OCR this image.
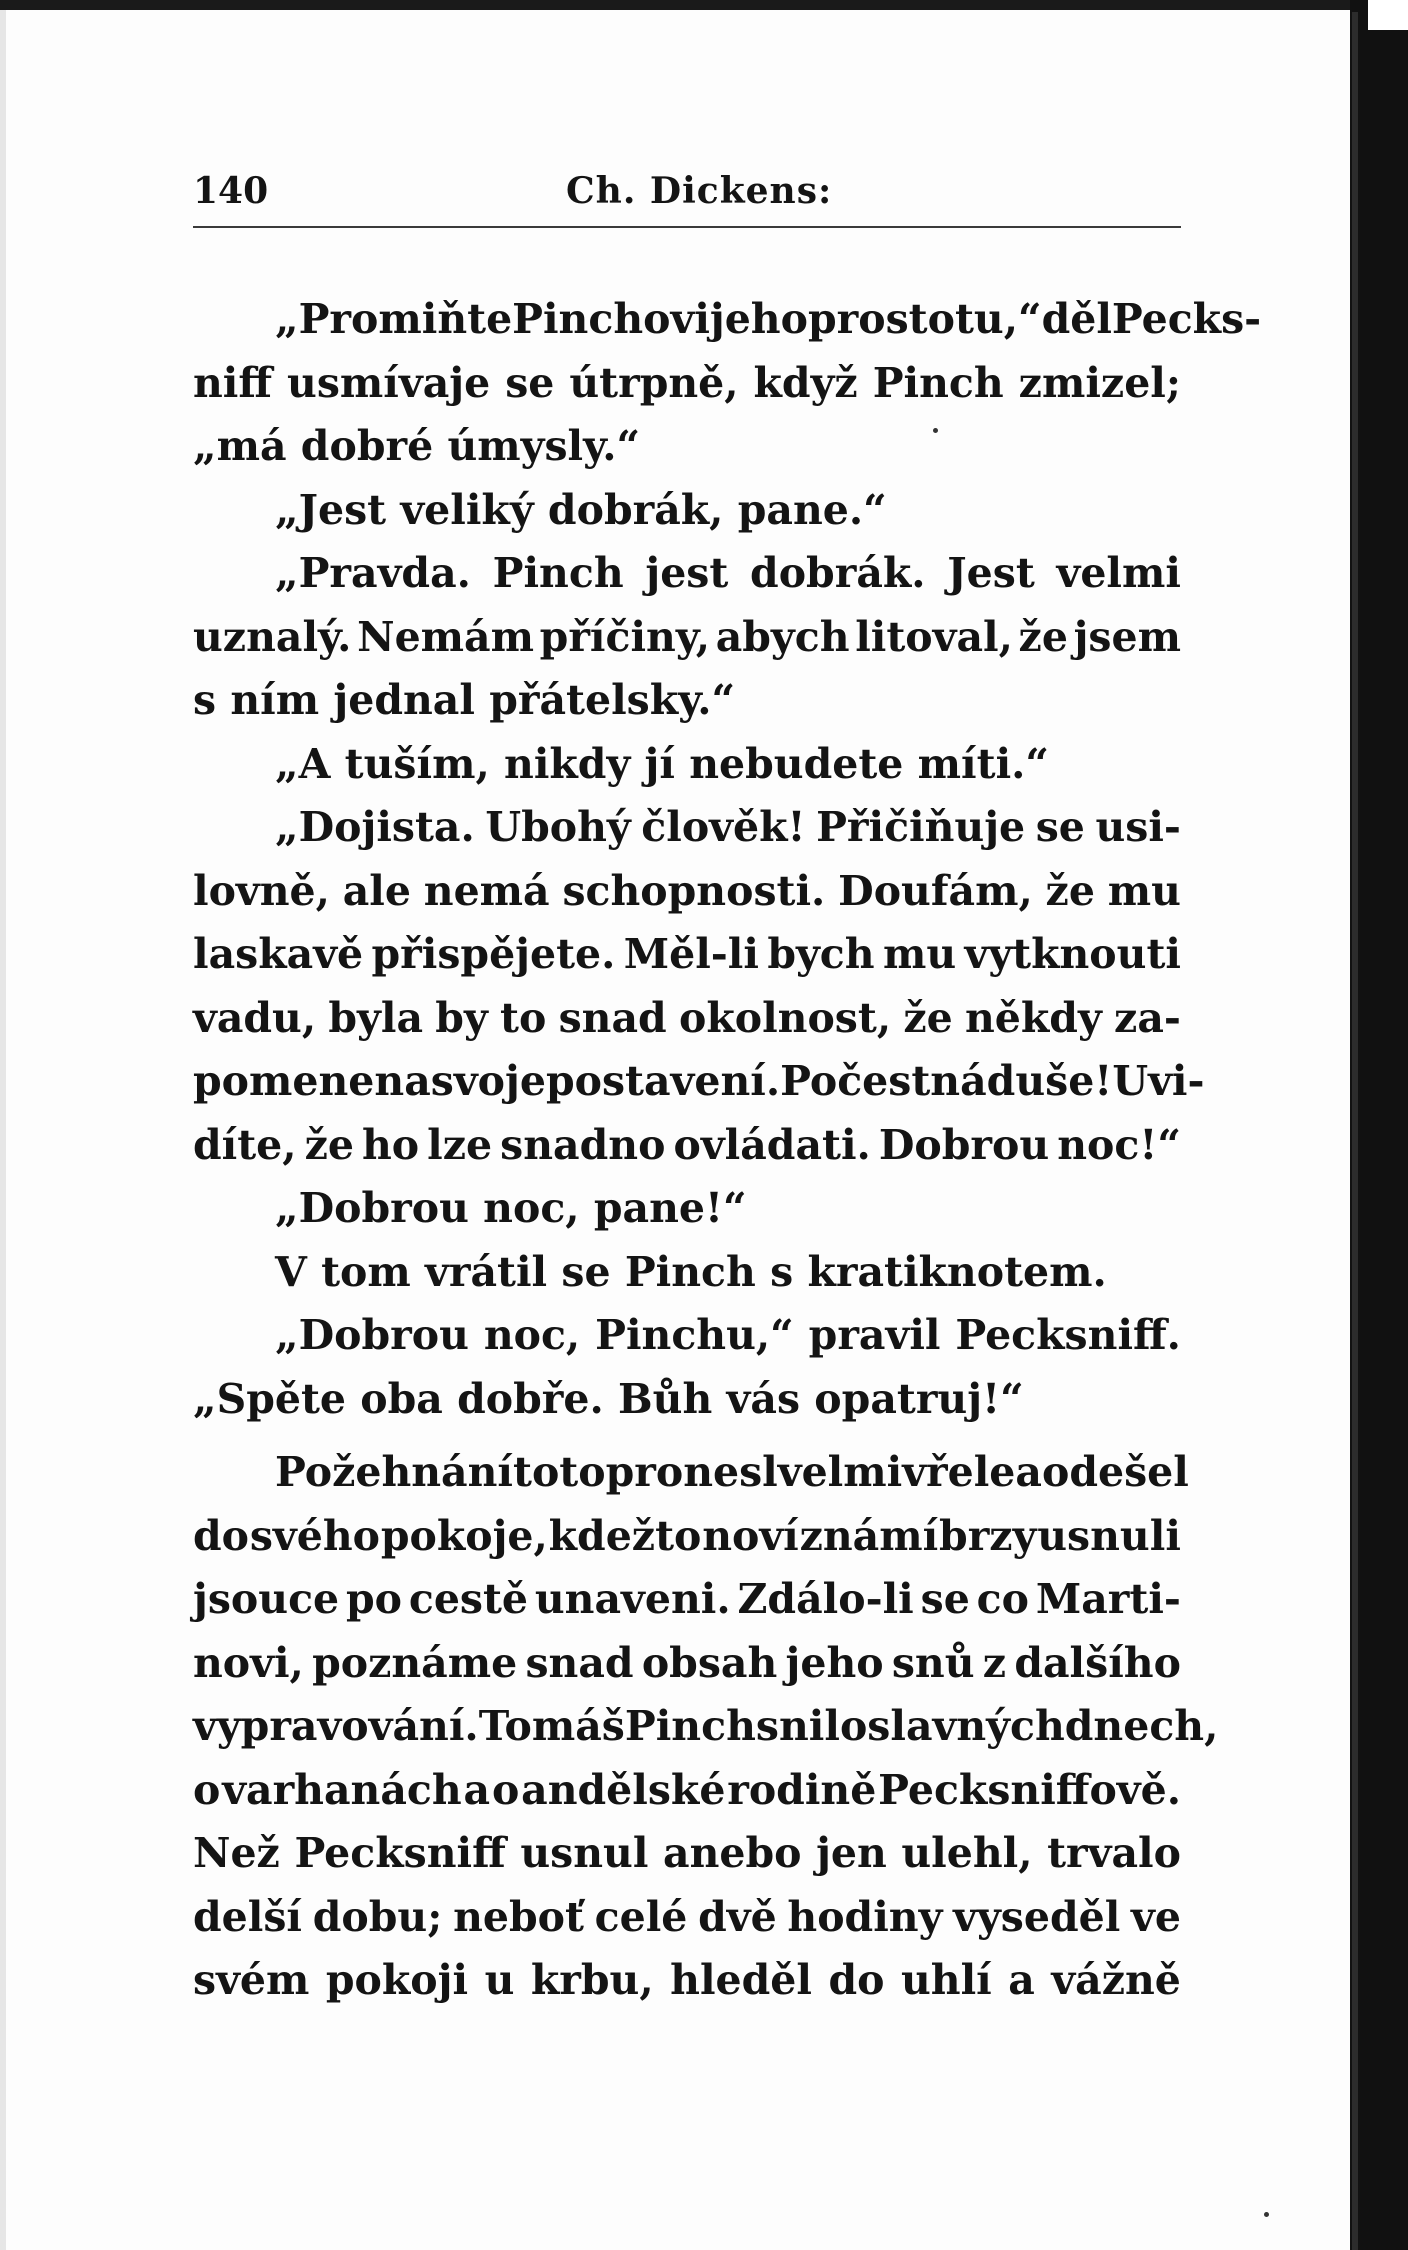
140	Ch. Dickens:
„Promiňte Pinchovi jeho prostotu,“ děl Pecks-
niff usmívaje se útrpně, když Pinch zmizel;
„má dobré úmysly.“
„Jest veliký dobrák, pane.“
„Pravda. Pinch jest dobrák. Jest velmi
uznalý. Nemám příčiny, abych litoval, že jsem
s ním jednal přátelsky.“
„A tuším, nikdy jí nebudete míti.“
„Dojista. Ubohý člověk! Přičiňuje se usi-
lovně, ale nemá schopnosti. Doufám, že mu
laskavě přispějete. Měl-li bych mu vytknouti
vadu, byla by to snad okolnost, že někdy za-
pomene na svoje postavení. Počestná duše! Uvi-
díte, že ho lze snadno ovládati. Dobrou noc!“
„Dobrou noc, pane!“
V tom vrátil se Pinch s kratiknotem.
„Dobrou noc, Pinchu,“ pravil Pecksniff.
„Spěte oba dobře. Bůh vás opatruj!“
Požehnání toto pronesl velmi vřele a odešel
do svého pokoje, kdežto noví známí brzy usnuli
jsouce po cestě unaveni. Zdálo-li se co Marti-
novi, poznáme snad obsah jeho snů z dalšího
vypravování. Tomáš Pinch snil o slavných dnech,
o varhanách a o andělské rodině Pecksniffově.
Než Pecksniff usnul anebo jen ulehl, trvalo
delší dobu; neboť celé dvě hodiny vyseděl ve
svém pokoji u krbu, hleděl do uhlí a vážně
